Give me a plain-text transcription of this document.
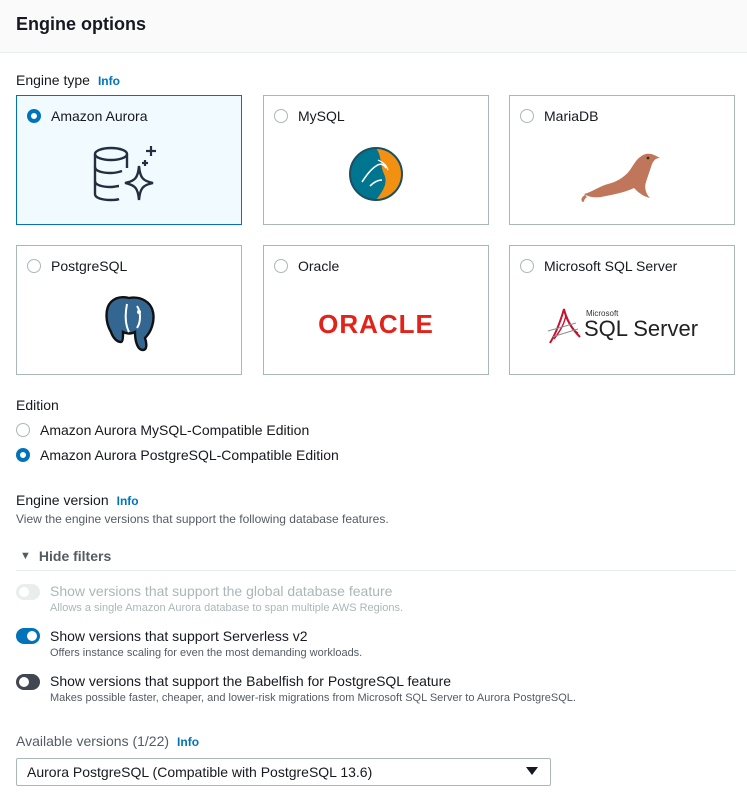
Engine options
Engine type Info
Amazon Aurora	MySQL	MariaDB
PostgreSQL	Oracle
ORACLE
Microsoft SQL Server
Microsoft
SQL Server
Edition
Amazon Aurora MySQL-Compatible Edition
Amazon Aurora PostgreSQL-Compatible Edition
Engine version Info
View the engine versions that support the following database features.
▼ Hide filters
Show versions that support the global database feature
Allows a single Amazon Aurora database to span multiple AWS Regions.
Show versions that support Serverless v2
Offers instance scaling for even the most demanding workloads.
Show versions that support the Babelfish for PostgreSQL feature
Makes possible faster, cheaper, and lower-risk migrations from Microsoft SQL Server to Aurora PostgreSQL.
Available versions (1/22) Info
Aurora PostgreSQL (Compatible with PostgreSQL 13.6)
